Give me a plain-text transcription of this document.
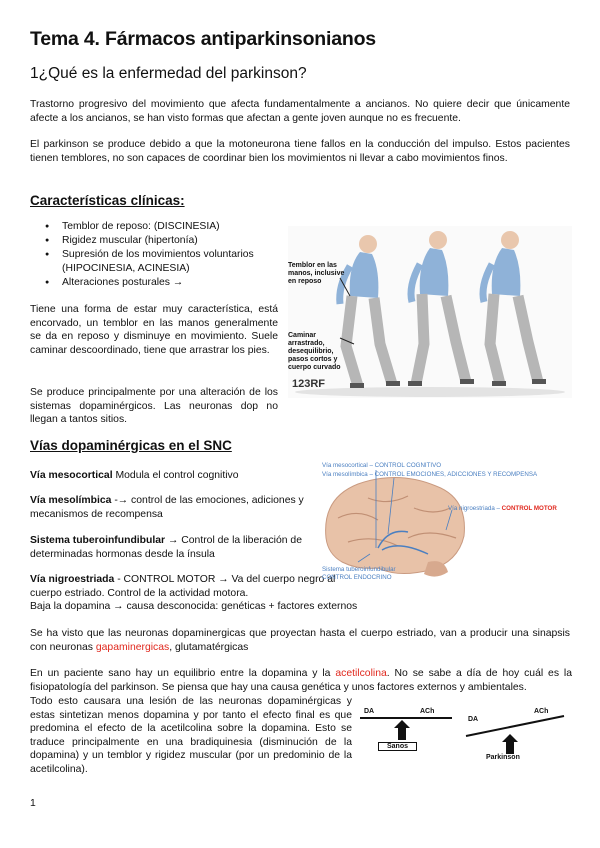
Tema 4. Fármacos antiparkinsonianos
1¿Qué es la enfermedad del parkinson?
Trastorno progresivo del movimiento que afecta fundamentalmente a ancianos. No quiere decir que únicamente afecte a los ancianos, se han visto formas que afectan a gente joven aunque no es frecuente.
El parkinson se produce debido a que la motoneurona tiene fallos en la conducción del impulso. Estos pacientes tienen temblores, no son capaces de coordinar bien los movimientos ni llevar a cabo movimientos finos.
Características clínicas:
● Temblor de reposo: (DISCINESIA)
● Rigidez muscular (hipertonía)
● Supresión de los movimientos voluntarios (HIPOCINESIA, ACINESIA)
● Alteraciones posturales →
Tiene una forma de estar muy característica, está encorvado, un temblor en las manos generalmente se da en reposo y disminuye en movimiento. Suele caminar descoordinado, tiene que arrastrar los pies.
Se produce principalmente por una alteración de los sistemas dopaminérgicos. Las neuronas dop no llegan a tantos sitios.
Temblor en las manos, inclusive en reposo
Caminar arrastrado, desequilibrio, pasos cortos y cuerpo curvado
123RF
Vías dopaminérgicas en el SNC
Vía mesocortical Modula el control cognitivo
Vía mesolímbica -→ control de las emociones, adiciones y mecanismos de recompensa
Sistema tuberoinfundibular → Control de la liberación de determinadas hormonas desde la ínsula
Vía nigroestriada - CONTROL MOTOR → Va del cuerpo negro al cuerpo estriado. Control de la actividad motora.
Baja la dopamina → causa desconocida: genéticas + factores externos
Vía mesocortical – CONTROL COGNITIVO
Vía mesolímbica – CONTROL EMOCIONES, ADICCIONES Y RECOMPENSA
Vía nigroestriada – CONTROL MOTOR
Sistema tuberoinfundibular
CONTROL ENDOCRINO
Se ha visto que las neuronas dopaminergicas que proyectan hasta el cuerpo estriado, van a producir una sinapsis con neuronas gapaminergicas, glutamatérgicas
En un paciente sano hay un equilibrio entre la dopamina y la acetilcolina. No se sabe a día de hoy cuál es la fisiopatología del parkinson. Se piensa que hay una causa genética y unos factores externos y ambientales.
Todo esto causara una lesión de las neuronas dopaminérgicas y estas sintetizan menos dopamina y por tanto el efecto final es que predomina el efecto de la acetilcolina sobre la dopamina. Esto se traduce principalmente en una bradiquinesia (disminución de la dopamina) y un temblor y rigidez muscular (por un predominio de la acetilcolina).
DA	ACh
Sanos
DA
ACh
Parkinson
1
